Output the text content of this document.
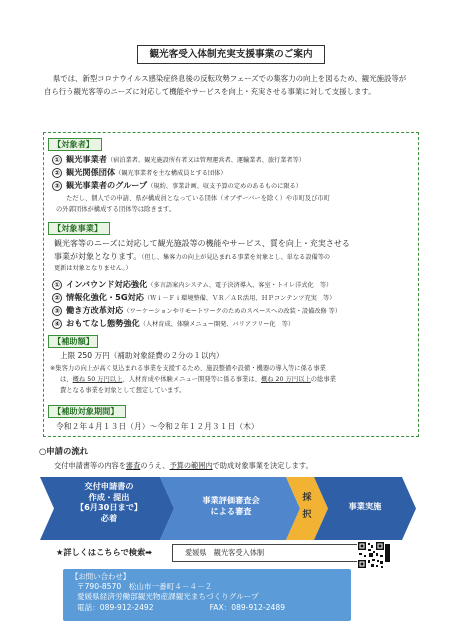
観光客受入体制充実支援事業のご案内

県では、新型コロナウイルス感染症終息後の反転攻勢フェーズでの集客力の向上を図るため、観光施設等が自ら行う観光客等のニーズに対応して機能やサービスを向上・充実させる事業に対して支援します。

【対象者】
① 観光事業者（宿泊業者、観光施設所有者又は管理運営者、運輸業者、旅行業者等）
② 観光関係団体（観光事業者を主な構成員とする団体）
③ 観光事業者のグループ（規約、事業計画、収支予算の定めのあるものに限る）
ただし、個人での申請、県が構成員となっている団体（オブザーバーを除く）や市町及び市町
の外郭団体が構成する団体等は除きます。
【対象事業】
観光客等のニーズに対応して観光施設等の機能やサービス、質を向上・充実させる
事業が対象となります。（但し、集客力の向上が見込まれる事業を対象とし、単なる設備等の
更新は対象となりません。）
① インバウンド対応強化（多言語案内システム、電子決済導入、客室・トイレ洋式化　等）
② 情報化強化・5G対応（Ｗｉ－Ｆｉ環境整備、ＶＲ／ＡＲ活用、ＨＰコンテンツ充実　等）
③ 働き方改革対応（ワーケーションやリモートワークのためのスペースへの改装・設備改修 等）
④ おもてなし態勢強化（人材育成、体験メニュー開発、バリアフリー化　等）
【補助額】
上限 250 万円（補助対象経費の２分の１以内）
※集客力の向上が高く見込まれる事業を支援するため、施設整備や設備・機器の導入等に係る事業
は、概ね 50 万円以上、人材育成や体験メニュー開発等に係る事業は、概ね 20 万円以上の総事業
費となる事業を対象として想定しています。
【補助対象期間】
令和２年４月１３日（月）～令和２年１２月３１日（木）
○申請の流れ
交付申請書等の内容を審査のうえ、予算の範囲内で助成対象事業を決定します。
交付申請書の
作成・提出
【6月30日まで】
必着
事業評価審査会
による審査
採
択
事業実施
★詳しくはこちらで検索➡	愛媛県　観光客受入体制
【お問い合わせ】
〒790-8570　松山市一番町４－４－２
愛媛県経済労働部観光物産課観光まちづくりグループ
電話：089-912-2492	FAX：089-912-2489
